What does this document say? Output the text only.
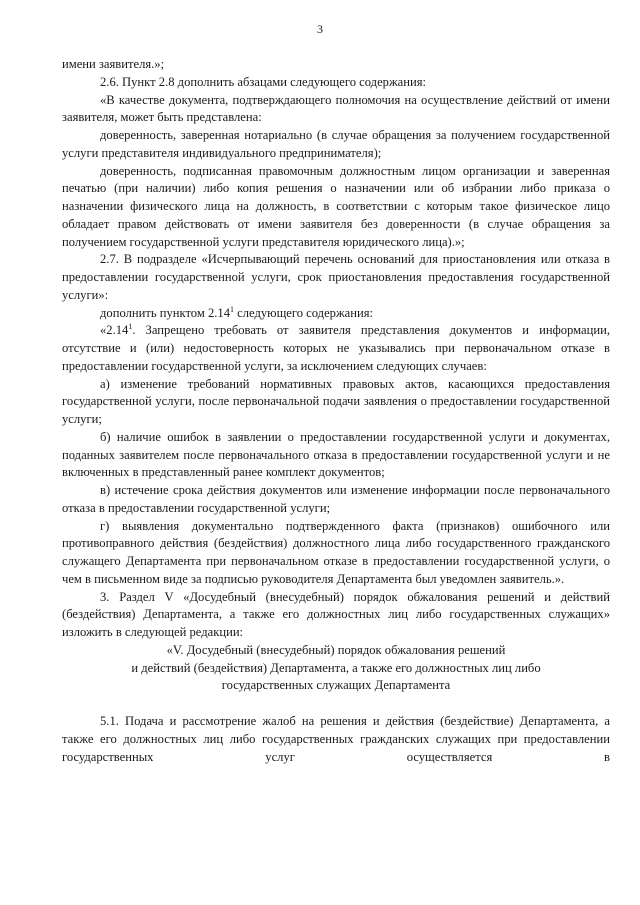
3

имени заявителя.»;

2.6. Пункт 2.8 дополнить абзацами следующего содержания:

«В качестве документа, подтверждающего полномочия на осуществление действий от имени заявителя, может быть представлена:

доверенность, заверенная нотариально (в случае обращения за получением государственной услуги представителя индивидуального предпринимателя);

доверенность, подписанная правомочным должностным лицом организации и заверенная печатью (при наличии) либо копия решения о назначении или об избрании либо приказа о назначении физического лица на должность, в соответствии с которым такое физическое лицо обладает правом действовать от имени заявителя без доверенности (в случае обращения за получением государственной услуги представителя юридического лица).»;

2.7. В подразделе «Исчерпывающий перечень оснований для приостановления или отказа в предоставлении государственной услуги, срок приостановления предоставления государственной услуги»:

дополнить пунктом 2.14$^1$ следующего содержания:

«2.14$^1$. Запрещено требовать от заявителя представления документов и информации, отсутствие и (или) недостоверность которых не указывались при первоначальном отказе в предоставлении государственной услуги, за исключением следующих случаев:

а) изменение требований нормативных правовых актов, касающихся предоставления государственной услуги, после первоначальной подачи заявления о предоставлении государственной услуги;

б) наличие ошибок в заявлении о предоставлении государственной услуги и документах, поданных заявителем после первоначального отказа в предоставлении государственной услуги и не включенных в представленный ранее комплект документов;

в) истечение срока действия документов или изменение информации после первоначального отказа в предоставлении государственной услуги;

г) выявления документально подтвержденного факта (признаков) ошибочного или противоправного действия (бездействия) должностного лица либо государственного гражданского служащего Департамента при первоначальном отказе в предоставлении государственной услуги, о чем в письменном виде за подписью руководителя Департамента был уведомлен заявитель.».

3. Раздел V «Досудебный (внесудебный) порядок обжалования решений и действий (бездействия) Департамента, а также его должностных лиц либо государственных служащих» изложить в следующей редакции:

«V. Досудебный (внесудебный) порядок обжалования решений
и действий (бездействия) Департамента, а также его должностных лиц либо
государственных служащих Департамента

5.1. Подача и рассмотрение жалоб на решения и действия (бездействие) Департамента, а также его должностных лиц либо государственных гражданских служащих при предоставлении государственных услуг осуществляется в
